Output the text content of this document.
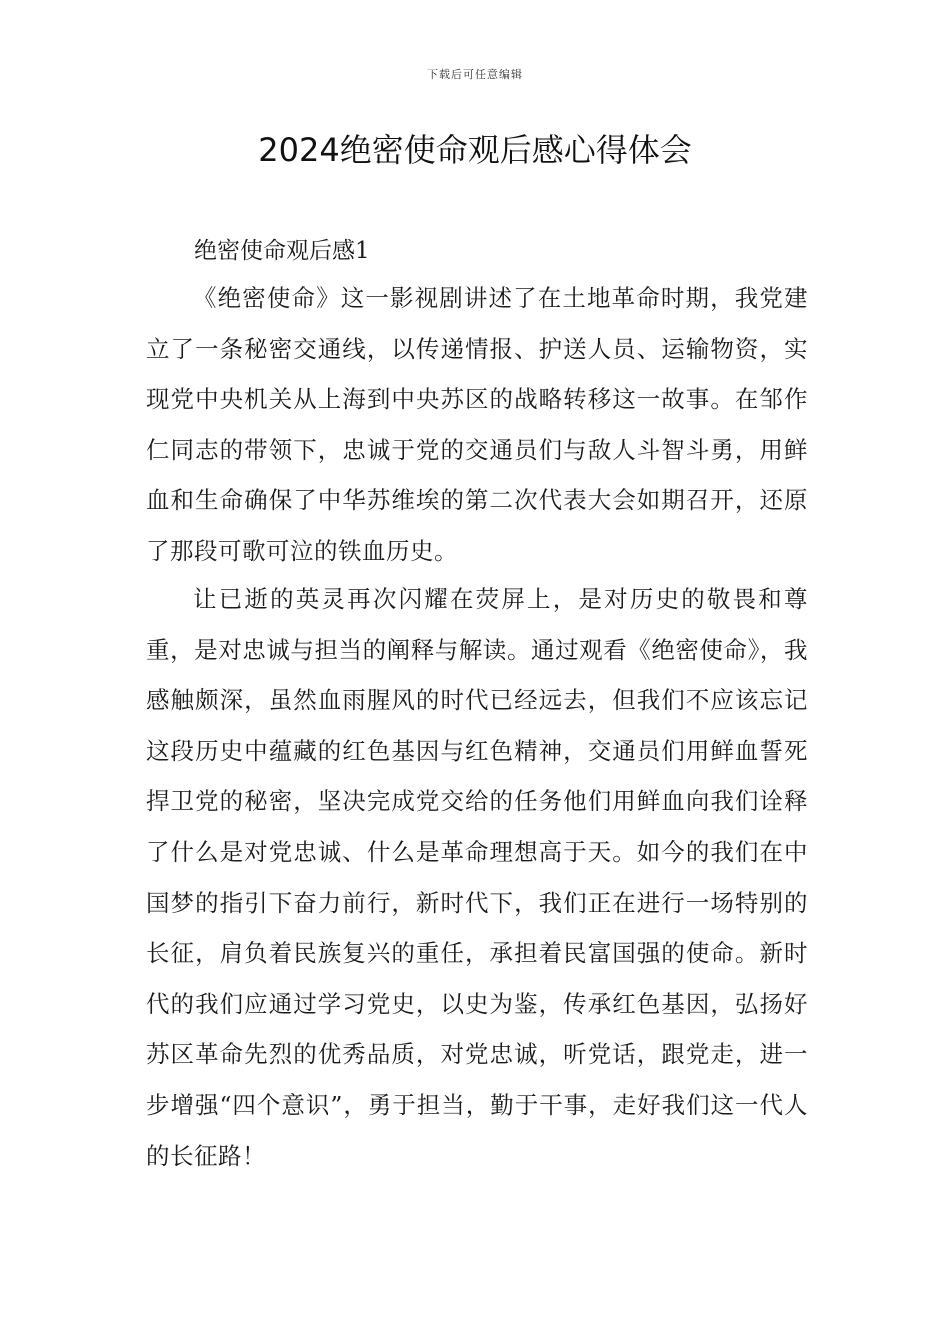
下载后可任意编辑
2024绝密使命观后感心得体会
绝密使命观后感1

《绝密使命》这一影视剧讲述了在土地革命时期，我党建立了一条秘密交通线，以传递情报、护送人员、运输物资，实现党中央机关从上海到中央苏区的战略转移这一故事。在邹作仁同志的带领下，忠诚于党的交通员们与敌人斗智斗勇，用鲜血和生命确保了中华苏维埃的第二次代表大会如期召开，还原了那段可歌可泣的铁血历史。

让已逝的英灵再次闪耀在荧屏上，是对历史的敬畏和尊重，是对忠诚与担当的阐释与解读。通过观看《绝密使命》，我感触颇深，虽然血雨腥风的时代已经远去，但我们不应该忘记这段历史中蕴藏的红色基因与红色精神，交通员们用鲜血誓死捍卫党的秘密，坚决完成党交给的任务他们用鲜血向我们诠释了什么是对党忠诚、什么是革命理想高于天。如今的我们在中国梦的指引下奋力前行，新时代下，我们正在进行一场特别的长征，肩负着民族复兴的重任，承担着民富国强的使命。新时代的我们应通过学习党史，以史为鉴，传承红色基因，弘扬好苏区革命先烈的优秀品质，对党忠诚，听党话，跟党走，进一步增强“四个意识”，勇于担当，勤于干事，走好我们这一代人的长征路！
